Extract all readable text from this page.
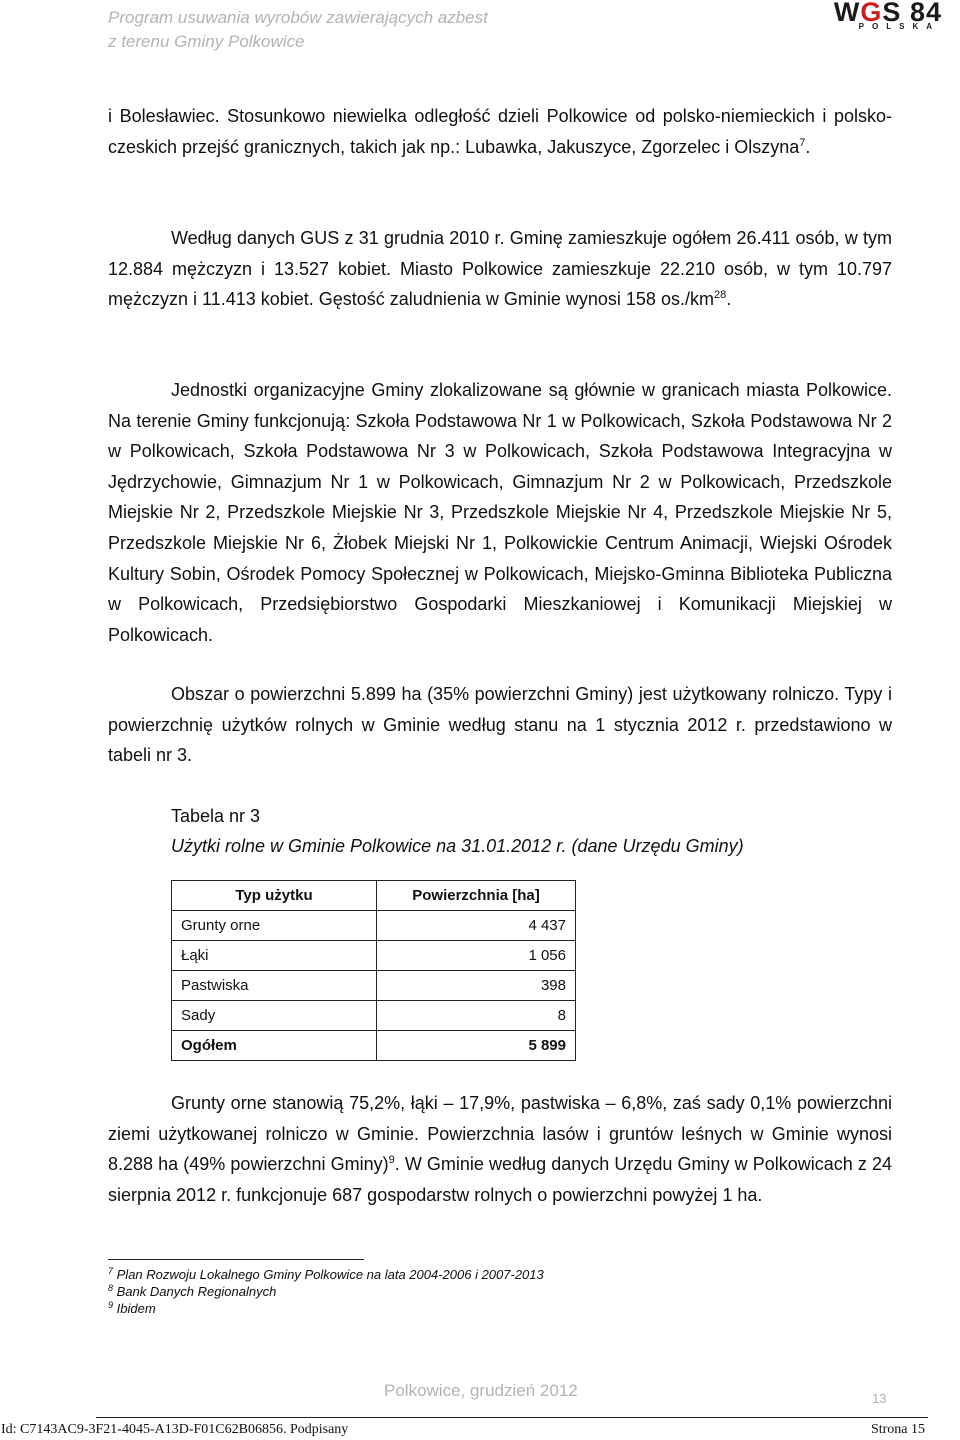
Program usuwania wyrobów zawierających azbest
z terenu Gminy Polkowice
WGS 84
POLSKA
i Bolesławiec. Stosunkowo niewielka odległość dzieli Polkowice od polsko-niemieckich i polsko-czeskich przejść granicznych, takich jak np.: Lubawka, Jakuszyce, Zgorzelec i Olszyna$^7$.
Według danych GUS z 31 grudnia 2010 r. Gminę zamieszkuje ogółem 26.411 osób, w tym 12.884 mężczyzn i 13.527 kobiet. Miasto Polkowice zamieszkuje 22.210 osób, w tym 10.797 mężczyzn i 11.413 kobiet. Gęstość zaludnienia w Gminie wynosi 158 $os./km^{28}$.
Jednostki organizacyjne Gminy zlokalizowane są głównie w granicach miasta Polkowice. Na terenie Gminy funkcjonują: Szkoła Podstawowa Nr 1 w Polkowicach, Szkoła Podstawowa Nr 2 w Polkowicach, Szkoła Podstawowa Nr 3 w Polkowicach, Szkoła Podstawowa Integracyjna w Jędrzychowie, Gimnazjum Nr 1 w Polkowicach, Gimnazjum Nr 2 w Polkowicach, Przedszkole Miejskie Nr 2, Przedszkole Miejskie Nr 3, Przedszkole Miejskie Nr 4, Przedszkole Miejskie Nr 5, Przedszkole Miejskie Nr 6, Żłobek Miejski Nr 1, Polkowickie Centrum Animacji, Wiejski Ośrodek Kultury Sobin, Ośrodek Pomocy Społecznej w Polkowicach, Miejsko-Gminna Biblioteka Publiczna w Polkowicach, Przedsiębiorstwo Gospodarki Mieszkaniowej i Komunikacji Miejskiej w Polkowicach.
Obszar o powierzchni 5.899 ha (35% powierzchni Gminy) jest użytkowany rolniczo. Typy i powierzchnię użytków rolnych w Gminie według stanu na 1 stycznia 2012 r. przedstawiono w tabeli nr 3.
Tabela nr 3
Użytki rolne w Gminie Polkowice na 31.01.2012 r. (dane Urzędu Gminy)
Typ użytku	Powierzchnia [ha]
Grunty orne	4 437
Łąki	1 056
Pastwiska	398
Sady	8
Ogółem	5 899
Grunty orne stanowią 75,2%, łąki – 17,9%, pastwiska – 6,8%, zaś sady 0,1% powierzchni ziemi użytkowanej rolniczo w Gminie. Powierzchnia lasów i gruntów leśnych w Gminie wynosi 8.288 ha (49% powierzchni Gminy)$^9$. W Gminie według danych Urzędu Gminy w Polkowicach z 24 sierpnia 2012 r. funkcjonuje 687 gospodarstw rolnych o powierzchni powyżej 1 ha.
$^7$ Plan Rozwoju Lokalnego Gminy Polkowice na lata 2004-2006 i 2007-2013
$^8$ Bank Danych Regionalnych
$^9$ Ibidem
Polkowice, grudzień 2012	13
Id: C7143AC9-3F21-4045-A13D-F01C62B06856. Podpisany	Strona 15
